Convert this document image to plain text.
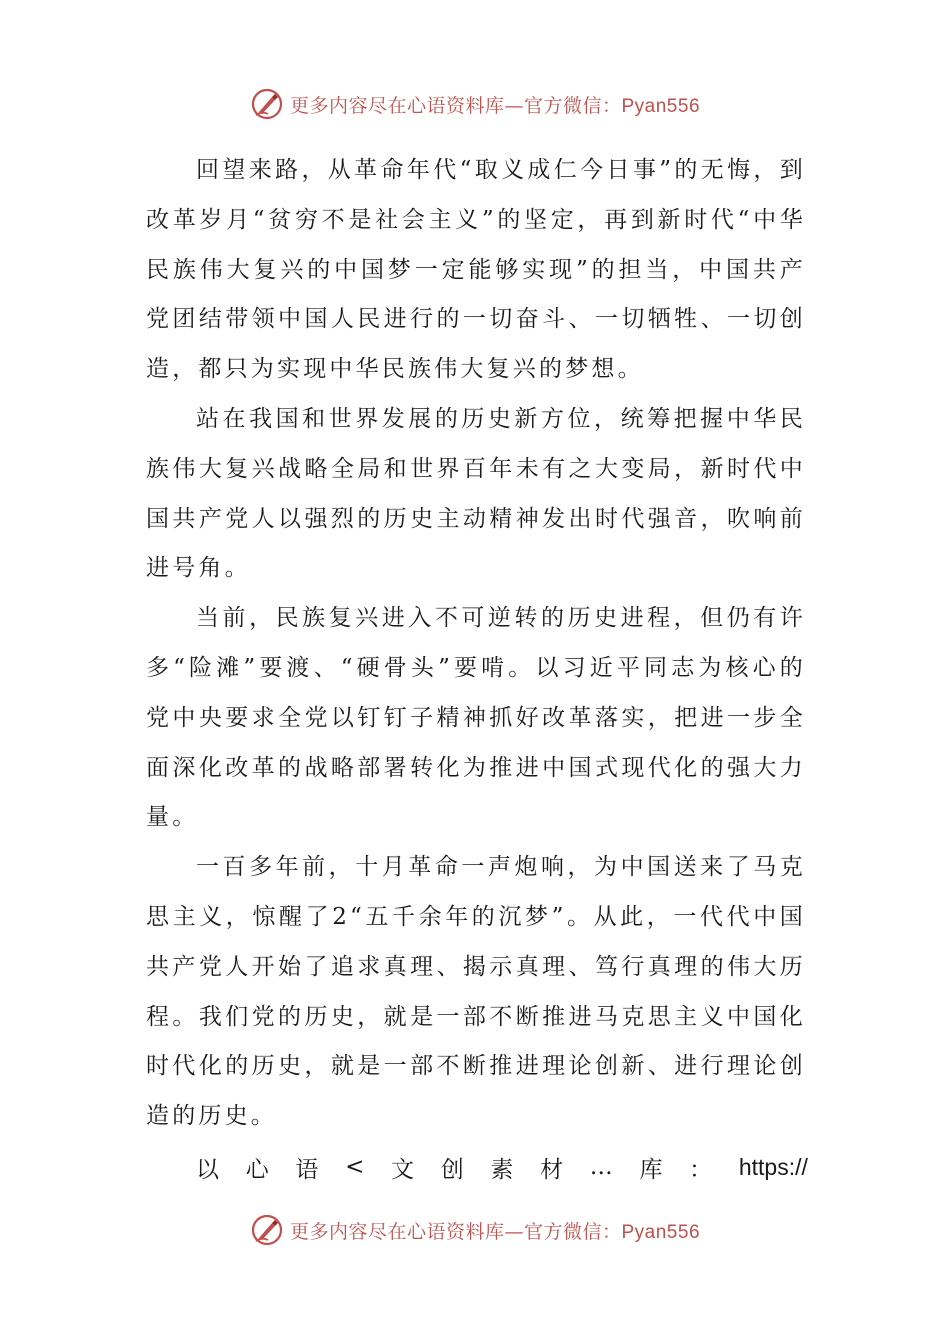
更多内容尽在心语资料库—官方微信：Pyan556

回望来路，从革命年代“取义成仁今日事”的无悔，到改革岁月“贫穷不是社会主义”的坚定，再到新时代“中华民族伟大复兴的中国梦一定能够实现”的担当，中国共产党团结带领中国人民进行的一切奋斗、一切牺牲、一切创造，都只为实现中华民族伟大复兴的梦想。

站在我国和世界发展的历史新方位，统筹把握中华民族伟大复兴战略全局和世界百年未有之大变局，新时代中国共产党人以强烈的历史主动精神发出时代强音，吹响前进号角。

当前，民族复兴进入不可逆转的历史进程，但仍有许多“险滩”要渡、“硬骨头”要啃。以习近平同志为核心的党中央要求全党以钉钉子精神抓好改革落实，把进一步全面深化改革的战略部署转化为推进中国式现代化的强大力量。

一百多年前，十月革命一声炮响，为中国送来了马克思主义，惊醒了2“五千余年的沉梦”。从此，一代代中国共产党人开始了追求真理、揭示真理、笃行真理的伟大历程。我们党的历史，就是一部不断推进马克思主义中国化时代化的历史，就是一部不断推进理论创新、进行理论创造的历史。

以 心 语 < 文 创 素 材 … 库 ： https://
更多内容尽在心语资料库—官方微信：Pyan556
